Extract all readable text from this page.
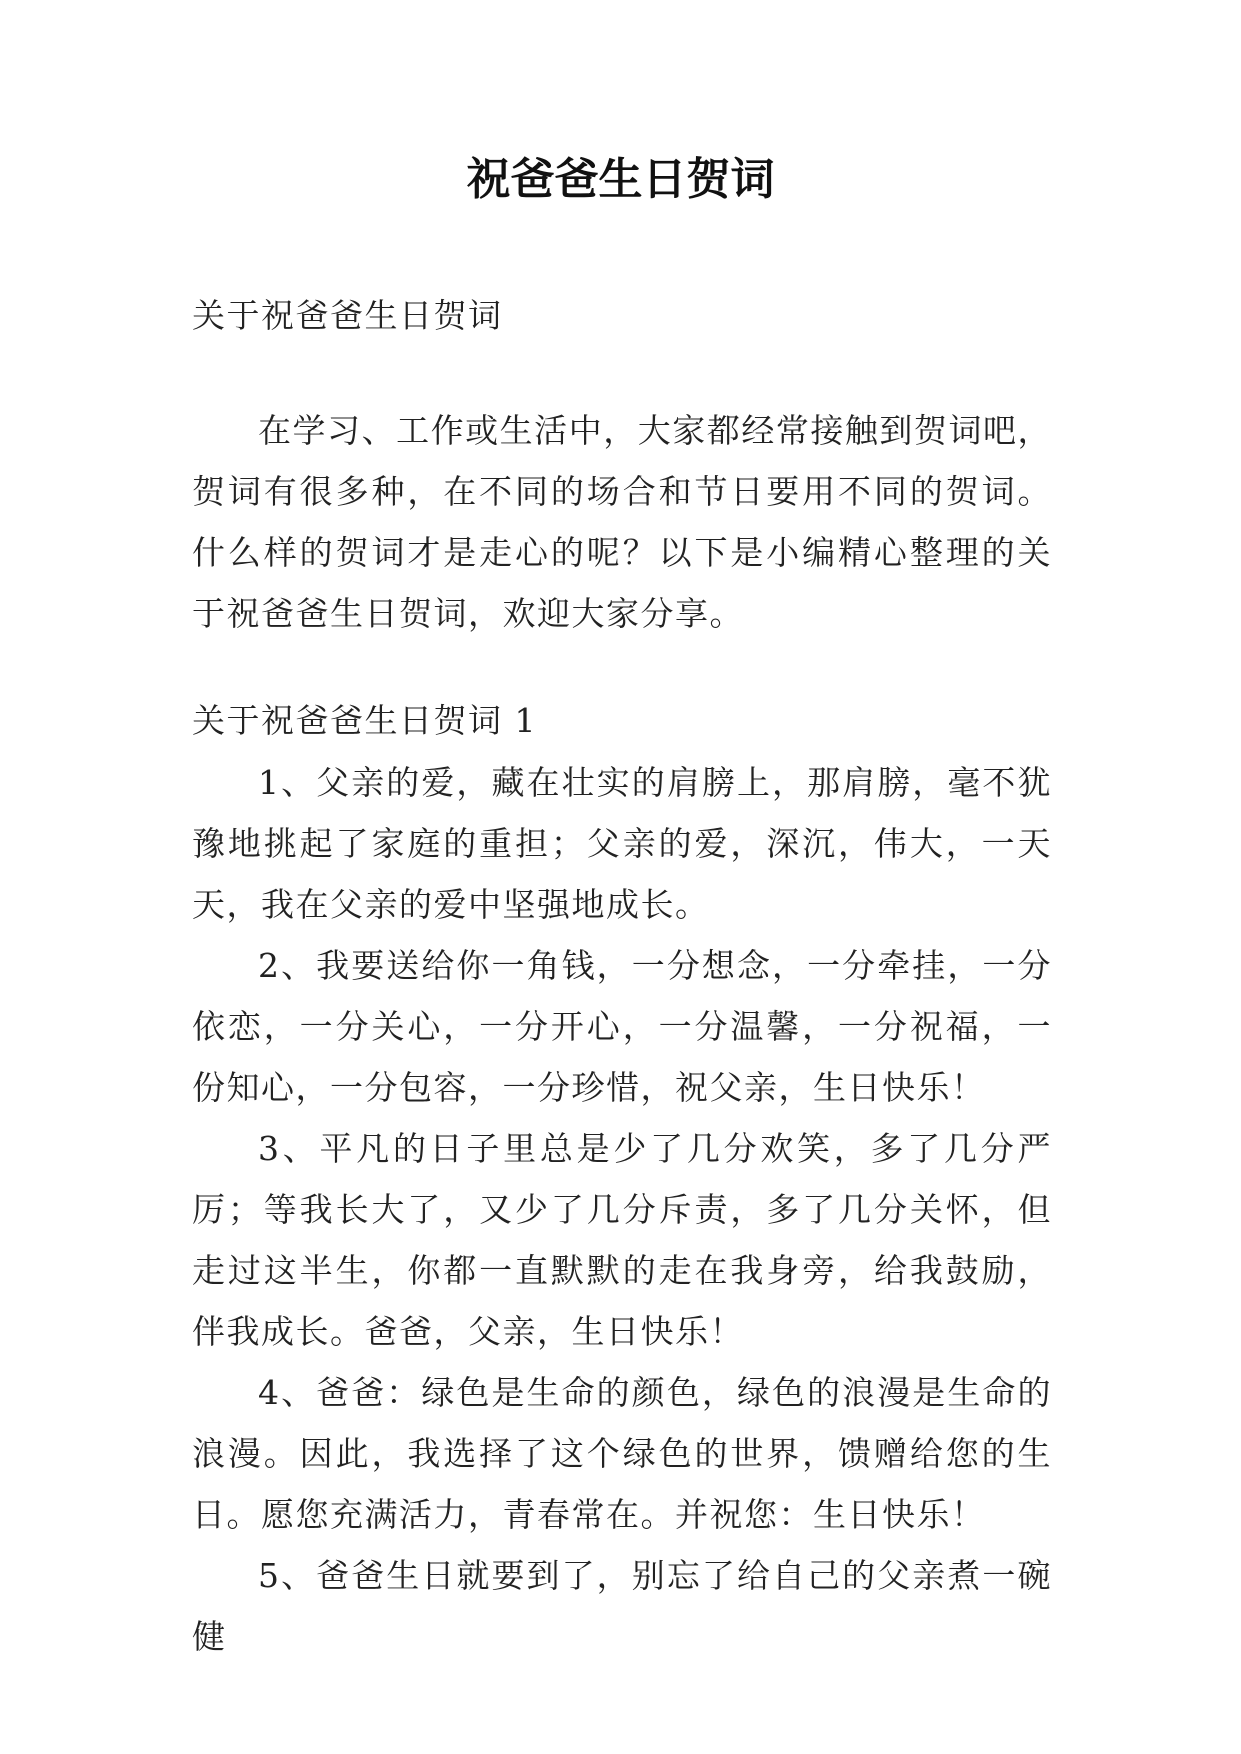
祝爸爸生日贺词

关于祝爸爸生日贺词

在学习、工作或生活中，大家都经常接触到贺词吧，贺词有很多种，在不同的场合和节日要用不同的贺词。什么样的贺词才是走心的呢？以下是小编精心整理的关于祝爸爸生日贺词，欢迎大家分享。

关于祝爸爸生日贺词 1

1、父亲的爱，藏在壮实的肩膀上，那肩膀，毫不犹豫地挑起了家庭的重担；父亲的爱，深沉，伟大，一天天，我在父亲的爱中坚强地成长。

2、我要送给你一角钱，一分想念，一分牵挂，一分依恋，一分关心，一分开心，一分温馨，一分祝福，一份知心，一分包容，一分珍惜，祝父亲，生日快乐！

3、平凡的日子里总是少了几分欢笑，多了几分严厉；等我长大了，又少了几分斥责，多了几分关怀，但走过这半生，你都一直默默的走在我身旁，给我鼓励，伴我成长。爸爸，父亲，生日快乐！

4、爸爸：绿色是生命的颜色，绿色的浪漫是生命的浪漫。因此，我选择了这个绿色的世界，馈赠给您的生日。愿您充满活力，青春常在。并祝您：生日快乐！

5、爸爸生日就要到了，别忘了给自己的父亲煮一碗健
